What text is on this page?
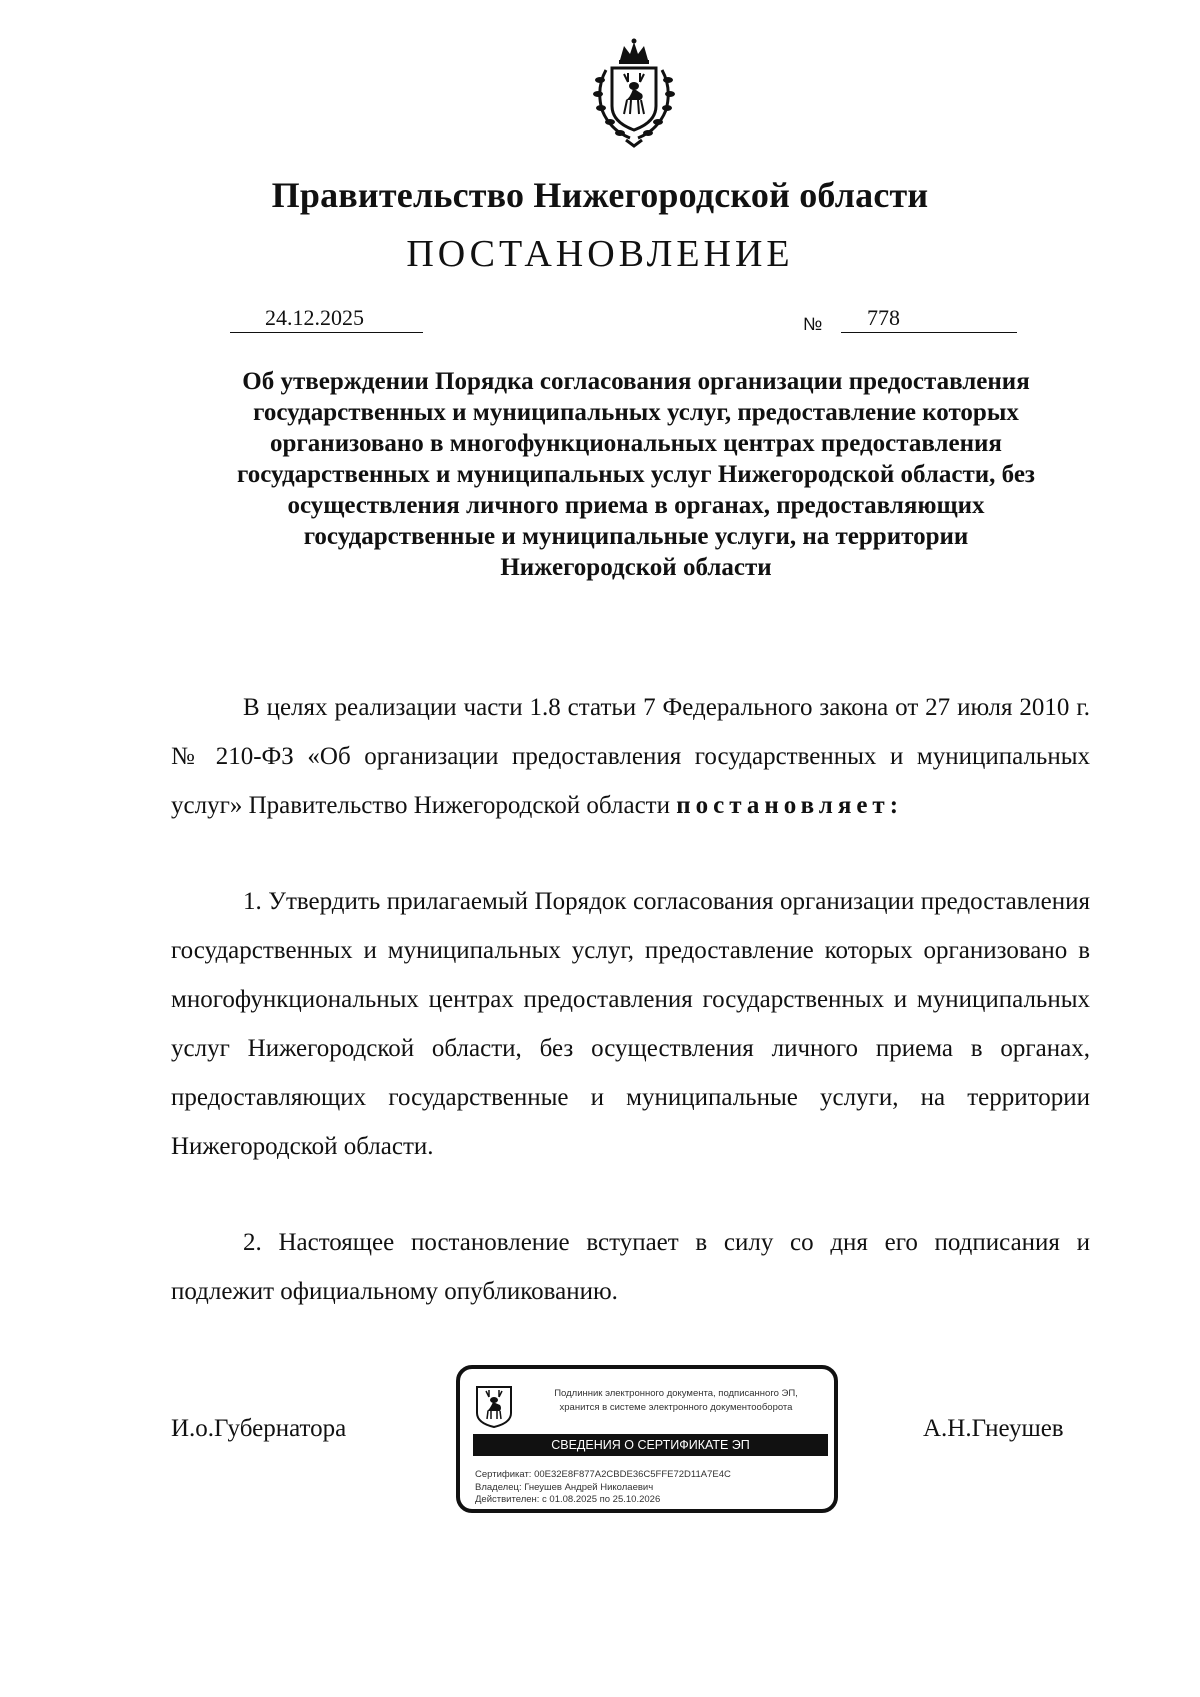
Правительство Нижегородской области
ПОСТАНОВЛЕНИЕ
24.12.2025	№ 778
Об утверждении Порядка согласования организации предоставления государственных и муниципальных услуг, предоставление которых организовано в многофункциональных центрах предоставления государственных и муниципальных услуг Нижегородской области, без осуществления личного приема в органах, предоставляющих государственные и муниципальные услуги, на территории Нижегородской области

В целях реализации части 1.8 статьи 7 Федерального закона от 27 июля 2010 г. № 210-ФЗ «Об организации предоставления государственных и муниципальных услуг» Правительство Нижегородской области постановляет:

1. Утвердить прилагаемый Порядок согласования организации предоставления государственных и муниципальных услуг, предоставление которых организовано в многофункциональных центрах предоставления государственных и муниципальных услуг Нижегородской области, без осуществления личного приема в органах, предоставляющих государственные и муниципальные услуги, на территории Нижегородской области.

2. Настоящее постановление вступает в силу со дня его подписания и подлежит официальному опубликованию.

И.о.Губернатора	А.Н.Гнеушев
Подлинник электронного документа, подписанного ЭП,
хранится в системе электронного документооборота
СВЕДЕНИЯ О СЕРТИФИКАТЕ ЭП
Сертификат: 00E32E8F877A2CBDE36C5FFE72D11A7E4C
Владелец: Гнеушев Андрей Николаевич
Действителен: с 01.08.2025 по 25.10.2026
